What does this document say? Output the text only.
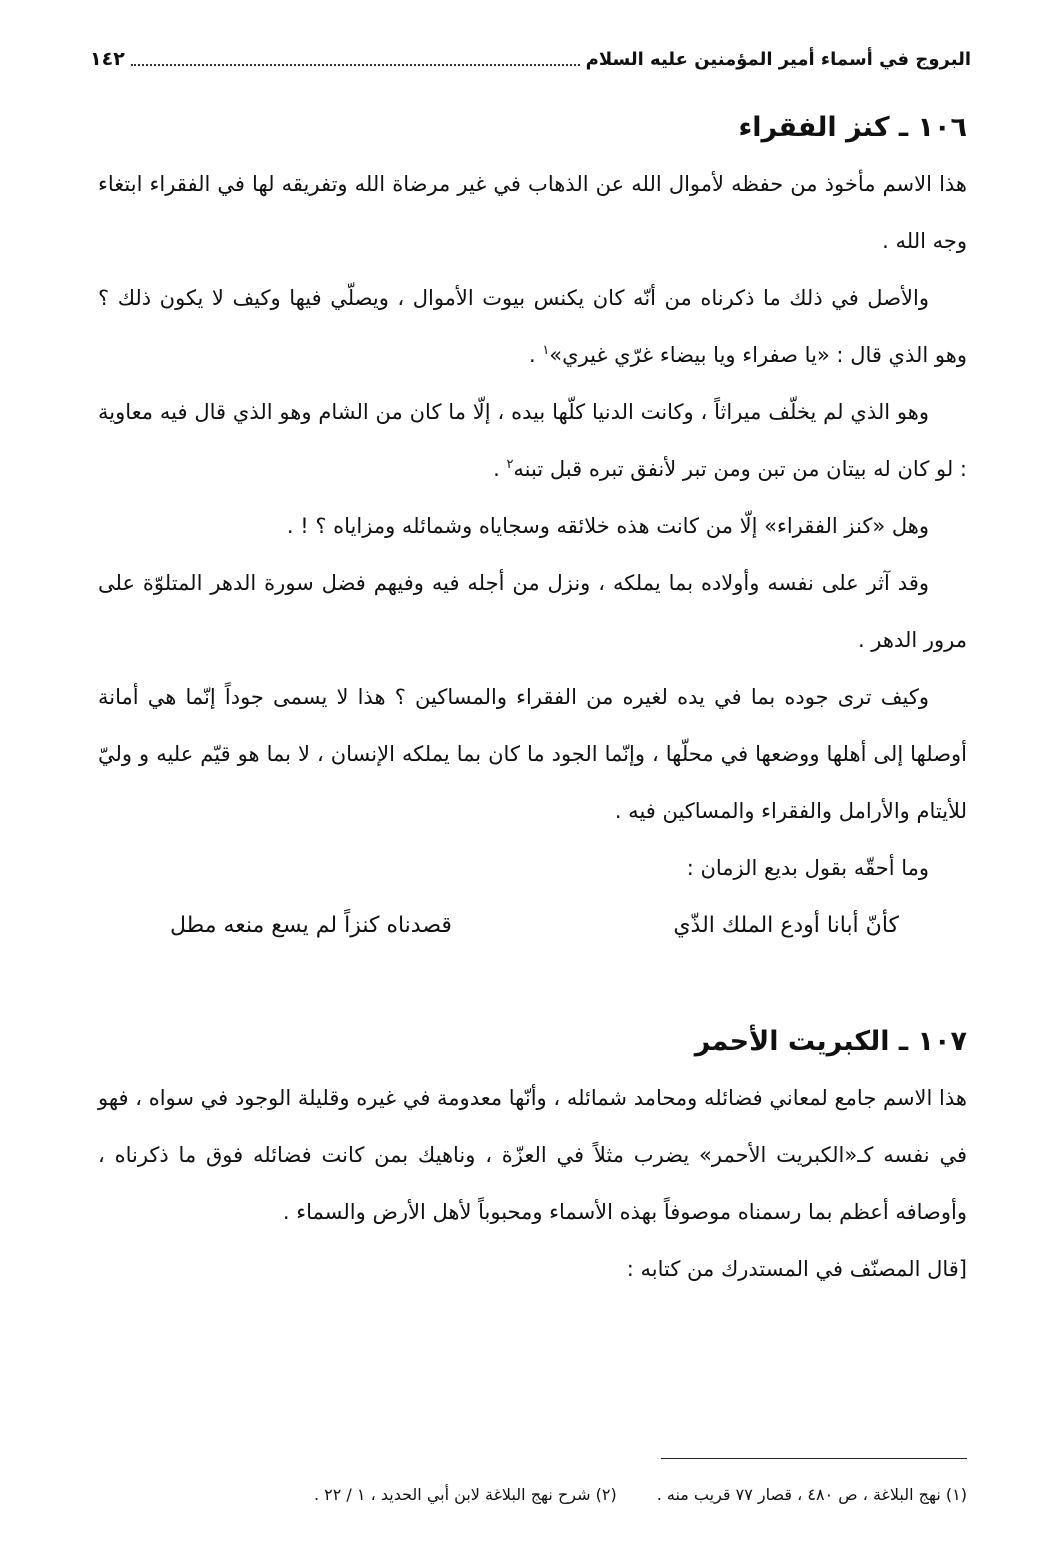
١٤٢	البروج في أسماء أمير المؤمنين عليه السلام
١٠٦ ـ كنز الفقراء

هذا الاسم مأخوذ من حفظه لأموال الله عن الذهاب في غير مرضاة الله وتفريقه لها في الفقراء ابتغاء وجه الله .

والأصل في ذلك ما ذكرناه من أنّه كان يكنس بيوت الأموال ، ويصلّي فيها وكيف لا يكون ذلك ؟ وهو الذي قال : «يا صفراء ويا بيضاء غرّي غيري»$^١$ .

وهو الذي لم يخلّف ميراثاً ، وكانت الدنيا كلّها بيده ، إلّا ما كان من الشام وهو الذي قال فيه معاوية : لو كان له بيتان من تبن ومن تبر لأنفق تبره قبل تبنه$^٢$ .

وهل «كنز الفقراء» إلّا من كانت هذه خلائقه وسجاياه وشمائله ومزاياه ؟ ! .

وقد آثر على نفسه وأولاده بما يملكه ، ونزل من أجله فيه وفيهم فضل سورة الدهر المتلوّة على مرور الدهر .

وكيف ترى جوده بما في يده لغيره من الفقراء والمساكين ؟ هذا لا يسمى جوداً إنّما هي أمانة أوصلها إلى أهلها ووضعها في محلّها ، وإنّما الجود ما كان بما يملكه الإنسان ، لا بما هو قيّم عليه و وليّ للأيتام والأرامل والفقراء والمساكين فيه .

وما أحقّه بقول بديع الزمان :

كأنّ أبانا أودع الملك الذّي
قصدناه كنزاً لم يسع منعه مطل
١٠٧ ـ الكبريت الأحمر

هذا الاسم جامع لمعاني فضائله ومحامد شمائله ، وأنّها معدومة في غيره وقليلة الوجود في سواه ، فهو في نفسه كـ«الكبريت الأحمر» يضرب مثلاً في العزّة ، وناهيك بمن كانت فضائله فوق ما ذكرناه ، وأوصافه أعظم بما رسمناه موصوفاً بهذه الأسماء ومحبوباً لأهل الأرض والسماء .

[قال المصنّف في المستدرك من كتابه :

(١) نهج البلاغة ، ص ٤٨٠ ، قصار ٧٧ قريب منه .
(٢) شرح نهج البلاغة لابن أبي الحديد ، ١ / ٢٢ .
